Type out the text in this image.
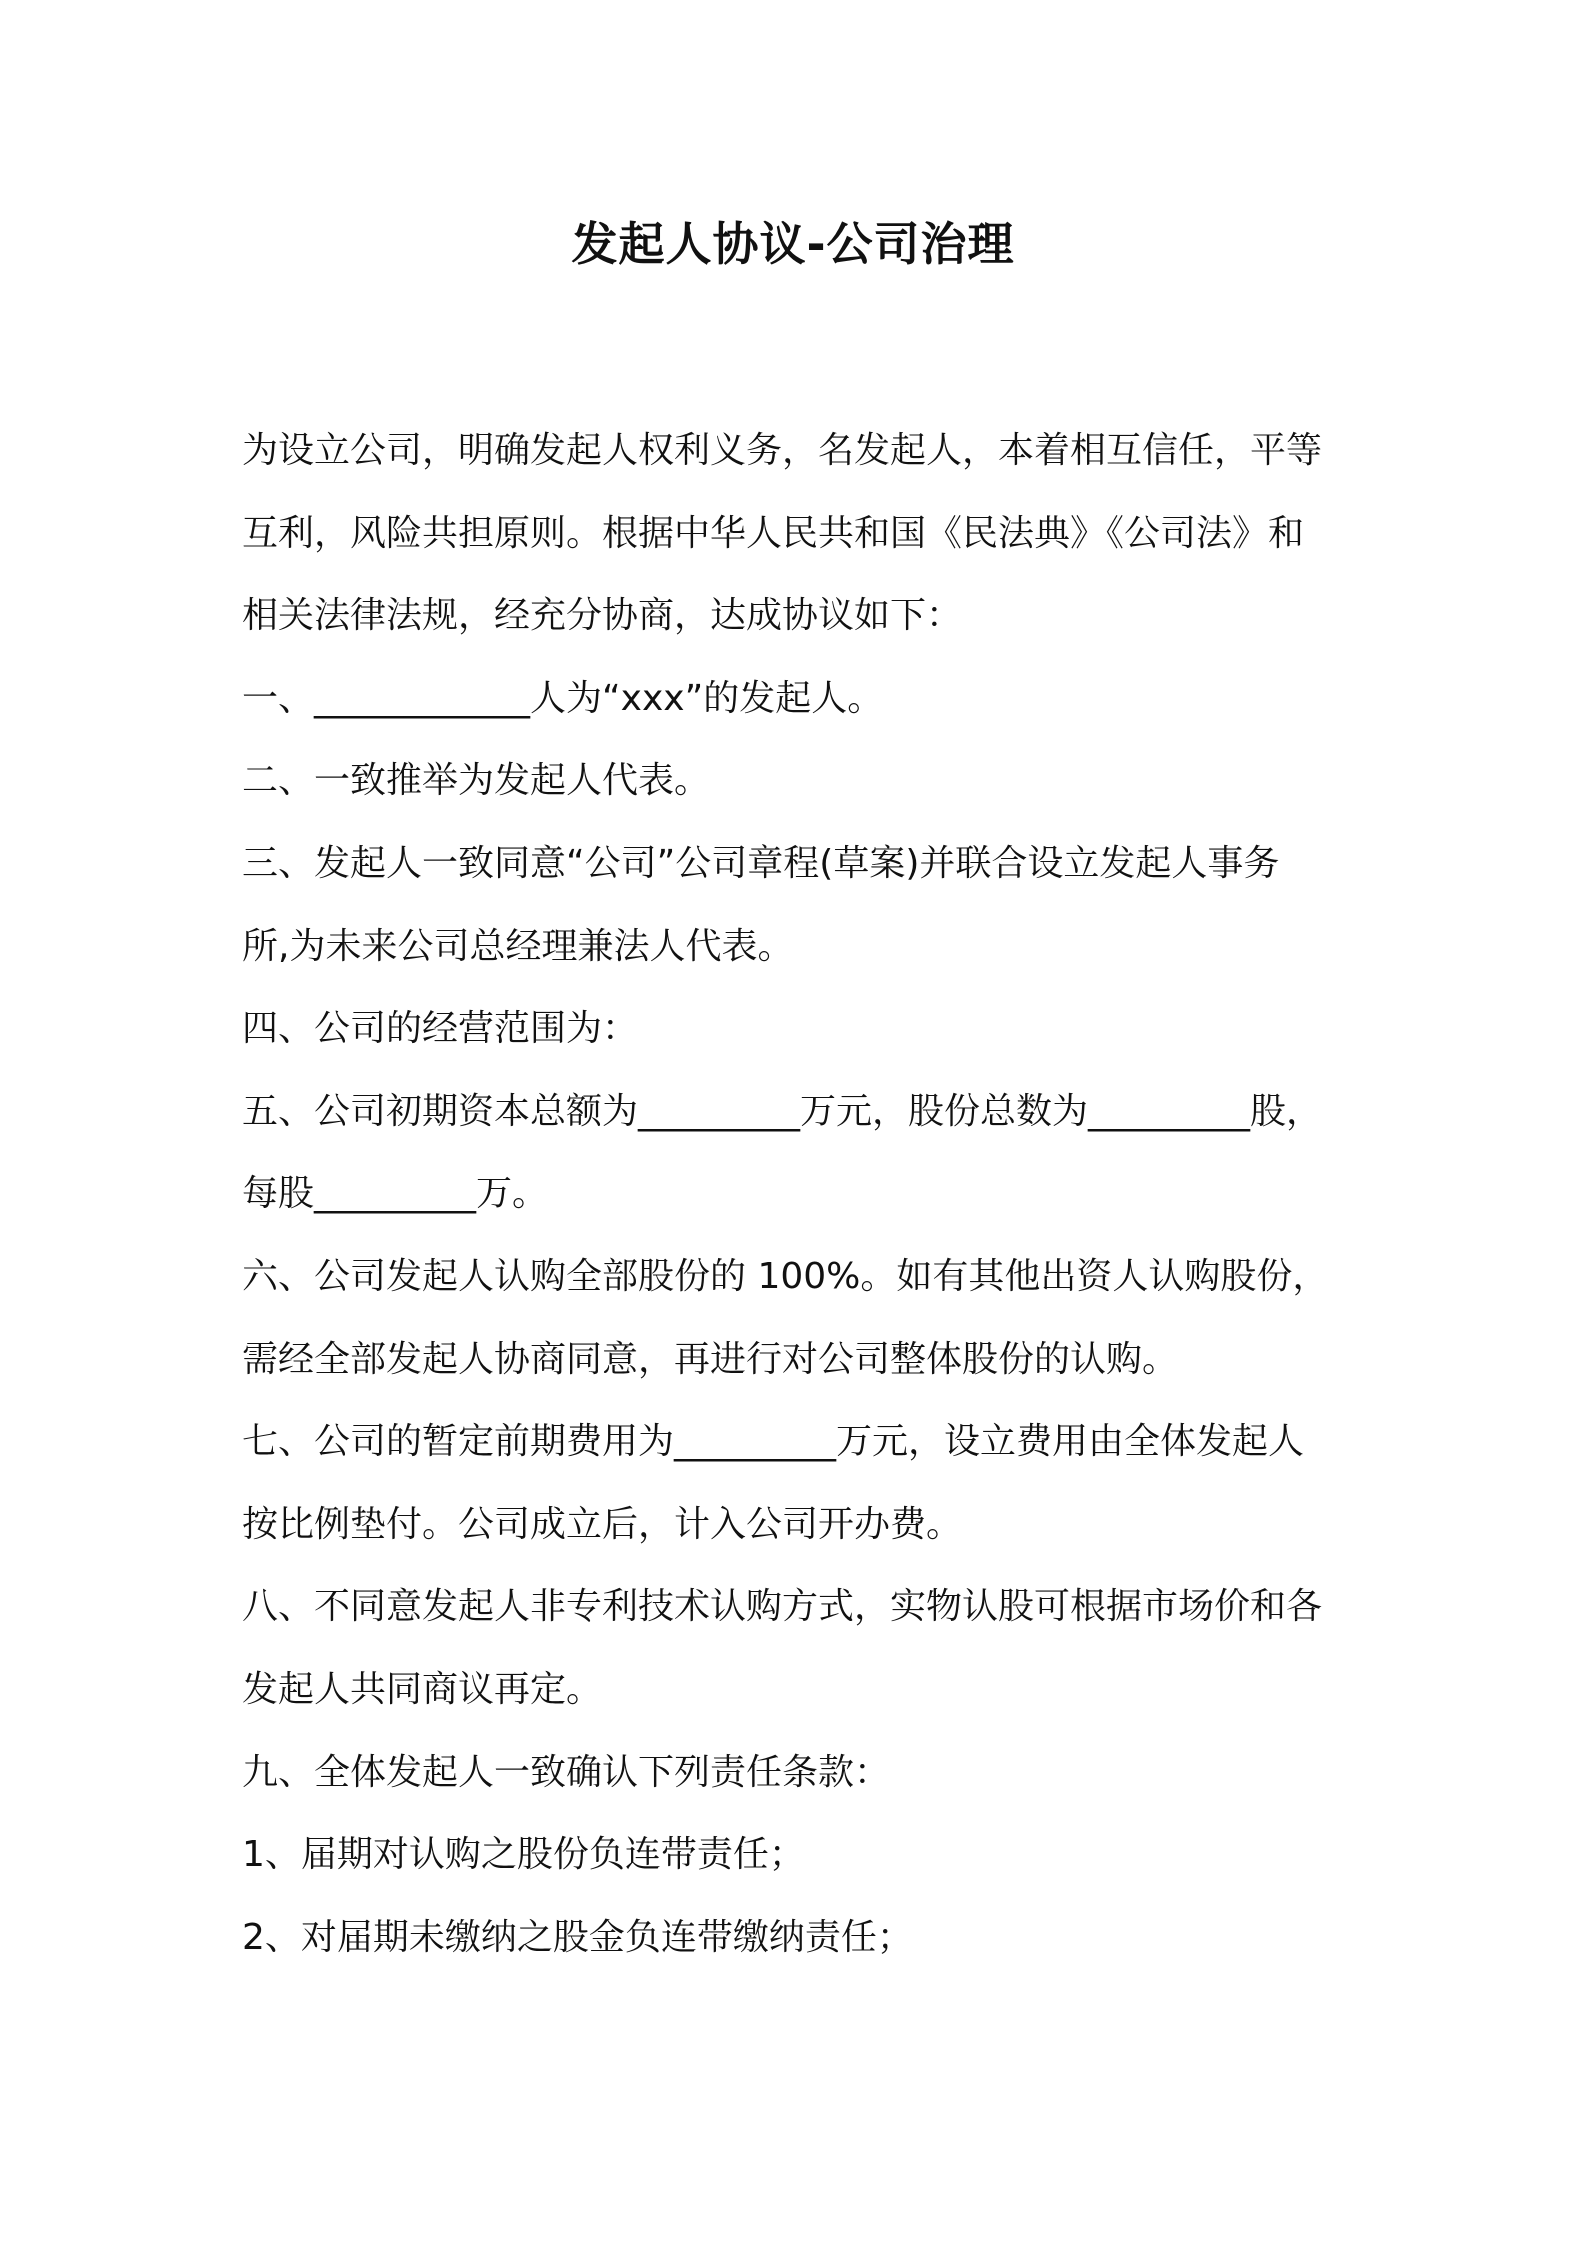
发起人协议-公司治理

为设立公司，明确发起人权利义务，名发起人，本着相互信任，平等

互利，风险共担原则。根据中华人民共和国《民法典》《公司法》和

相关法律法规，经充分协商，达成协议如下：

一、____________人为“xxx”的发起人。

二、一致推举为发起人代表。

三、发起人一致同意“公司”公司章程(草案)并联合设立发起人事务

所,为未来公司总经理兼法人代表。

四、公司的经营范围为：

五、公司初期资本总额为_________万元，股份总数为_________股，

每股_________万。

六、公司发起人认购全部股份的 100%。如有其他出资人认购股份，

需经全部发起人协商同意，再进行对公司整体股份的认购。

七、公司的暂定前期费用为_________万元，设立费用由全体发起人

按比例垫付。公司成立后，计入公司开办费。

八、不同意发起人非专利技术认购方式，实物认股可根据市场价和各

发起人共同商议再定。

九、全体发起人一致确认下列责任条款：

1、届期对认购之股份负连带责任；

2、对届期未缴纳之股金负连带缴纳责任；
